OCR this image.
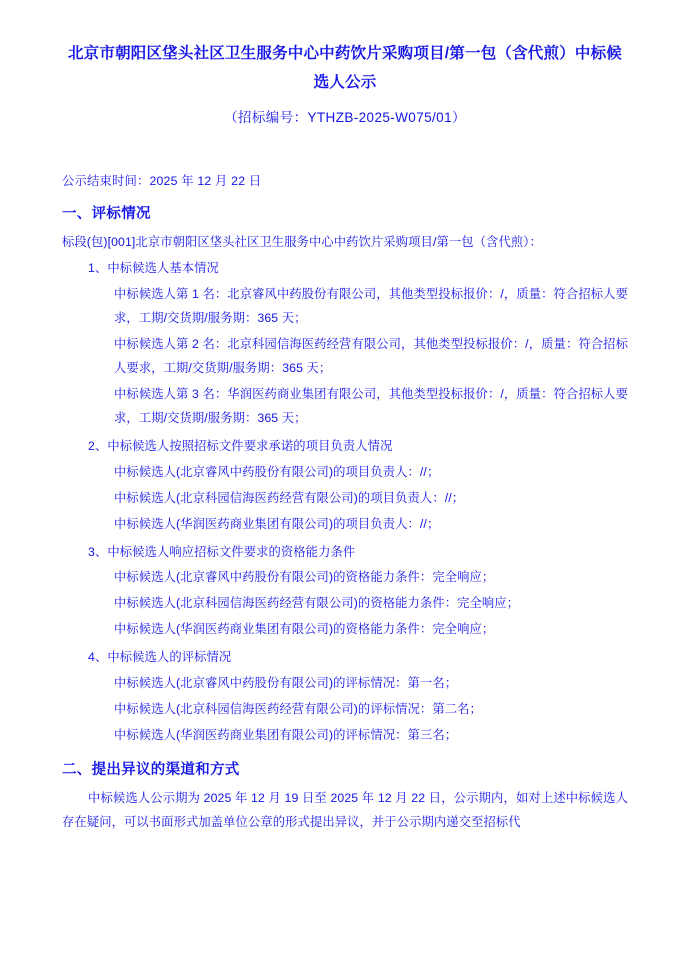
北京市朝阳区垡头社区卫生服务中心中药饮片采购项目/第一包（含代煎）中标候选人公示
（招标编号：YTHZB-2025-W075/01）
公示结束时间：2025 年 12 月 22 日
一、评标情况
标段(包)[001]北京市朝阳区垡头社区卫生服务中心中药饮片采购项目/第一包（含代煎）：
1、中标候选人基本情况
中标候选人第 1 名：北京睿风中药股份有限公司，其他类型投标报价：/，质量：符合招标人要求，工期/交货期/服务期：365 天；
中标候选人第 2 名：北京科园信海医药经营有限公司，其他类型投标报价：/，质量：符合招标人要求，工期/交货期/服务期：365 天；
中标候选人第 3 名：华润医药商业集团有限公司，其他类型投标报价：/，质量：符合招标人要求，工期/交货期/服务期：365 天；
2、中标候选人按照招标文件要求承诺的项目负责人情况
中标候选人(北京睿风中药股份有限公司)的项目负责人：//；
中标候选人(北京科园信海医药经营有限公司)的项目负责人：//；
中标候选人(华润医药商业集团有限公司)的项目负责人：//；
3、中标候选人响应招标文件要求的资格能力条件
中标候选人(北京睿风中药股份有限公司)的资格能力条件：完全响应；
中标候选人(北京科园信海医药经营有限公司)的资格能力条件：完全响应；
中标候选人(华润医药商业集团有限公司)的资格能力条件：完全响应；
4、中标候选人的评标情况
中标候选人(北京睿风中药股份有限公司)的评标情况：第一名；
中标候选人(北京科园信海医药经营有限公司)的评标情况：第二名；
中标候选人(华润医药商业集团有限公司)的评标情况：第三名；
二、提出异议的渠道和方式
中标候选人公示期为 2025 年 12 月 19 日至 2025 年 12 月 22 日，公示期内，如对上述中标候选人存在疑问，可以书面形式加盖单位公章的形式提出异议，并于公示期内递交至招标代
